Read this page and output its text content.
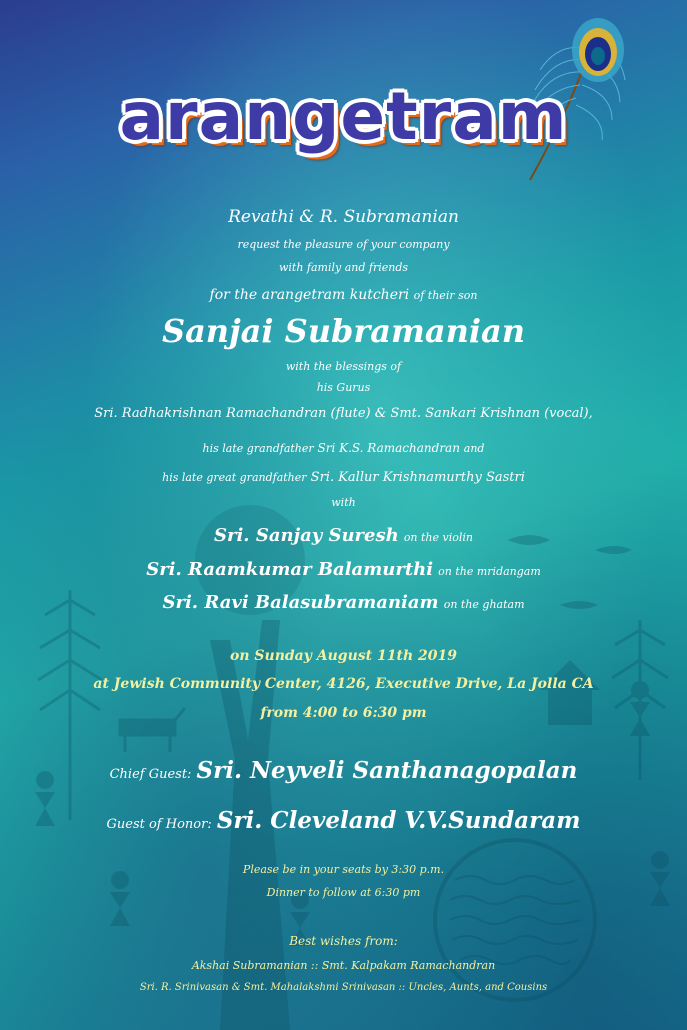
arangetram
Revathi & R. Subramanian
request the pleasure of your company
with family and friends
for the arangetram kutcheri of their son
Sanjai Subramanian
with the blessings of
his Gurus
Sri. Radhakrishnan Ramachandran (flute) & Smt. Sankari Krishnan (vocal),
his late grandfather Sri K.S. Ramachandran and
his late great grandfather Sri. Kallur Krishnamurthy Sastri
with
Sri. Sanjay Suresh on the violin
Sri. Raamkumar Balamurthi on the mridangam
Sri. Ravi Balasubramaniam on the ghatam
on Sunday August 11th 2019
at Jewish Community Center, 4126, Executive Drive, La Jolla CA
from 4:00 to 6:30 pm
Chief Guest: Sri. Neyveli Santhanagopalan
Guest of Honor: Sri. Cleveland V.V.Sundaram
Please be in your seats by 3:30 p.m.
Dinner to follow at 6:30 pm
Best wishes from:
Akshai Subramanian :: Smt. Kalpakam Ramachandran
Sri. R. Srinivasan & Smt. Mahalakshmi Srinivasan :: Uncles, Aunts, and Cousins
